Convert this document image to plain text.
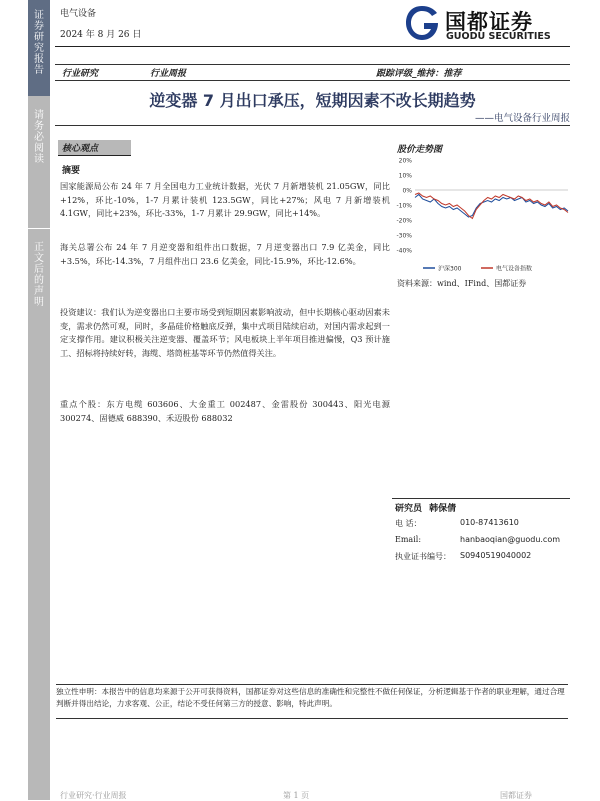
证
券
研
究
报
告
请
务
必
阅
读
正
文
后
的
声
明
电气设备
2024 年 8 月 26 日
国都证券
GUODU SECURITIES
行业研究	行业周报	跟踪评级_维持：推荐
逆变器 7 月出口承压，短期因素不改长期趋势
——电气设备行业周报
核心观点
摘要

国家能源局公布 24 年 7 月全国电力工业统计数据，光伏 7 月新增装机 21.05GW，同比+12%，环比-10%，1-7 月累计装机 123.5GW，同比+27%；风电 7 月新增装机 4.1GW，同比+23%，环比-33%，1-7 月累计 29.9GW，同比+14%。

海关总署公布 24 年 7 月逆变器和组件出口数据，7 月逆变器出口 7.9 亿美金，同比+3.5%，环比-14.3%，7 月组件出口 23.6 亿美金，同比-15.9%，环比-12.6%。

投资建议：我们认为逆变器出口主要市场受到短期因素影响波动，但中长期核心驱动因素未变，需求仍然可观，同时，多晶硅价格触底反弹，集中式项目陆续启动，对国内需求起到一定支撑作用。建议积极关注逆变器、覆盖环节；风电板块上半年项目推进偏慢，Q3 预计施工、招标将持续好转，海缆、塔筒桩基等环节仍然值得关注。

重点个股：东方电缆 603606、大金重工 002487、金雷股份 300443、阳光电源 300274、固德威 688390、禾迈股份 688032

股价走势图
20%
10%
0%
-10%
-20%
-30%
-40%
沪深300	电气设备指数
资料来源：wind、IFind、国都证券
研究员 韩保倩
电 话：	010-87413610
Email:	hanbaoqian@guodu.com
执业证书编号： S0940519040002

独立性申明：本报告中的信息均来源于公开可获得资料，国都证券对这些信息的准确性和完整性不做任何保证，分析逻辑基于作者的职业理解，通过合理判断并得出结论，力求客观、公正，结论不受任何第三方的授意、影响，特此声明。

行业研究·行业周报	第 1 页	国都证券
